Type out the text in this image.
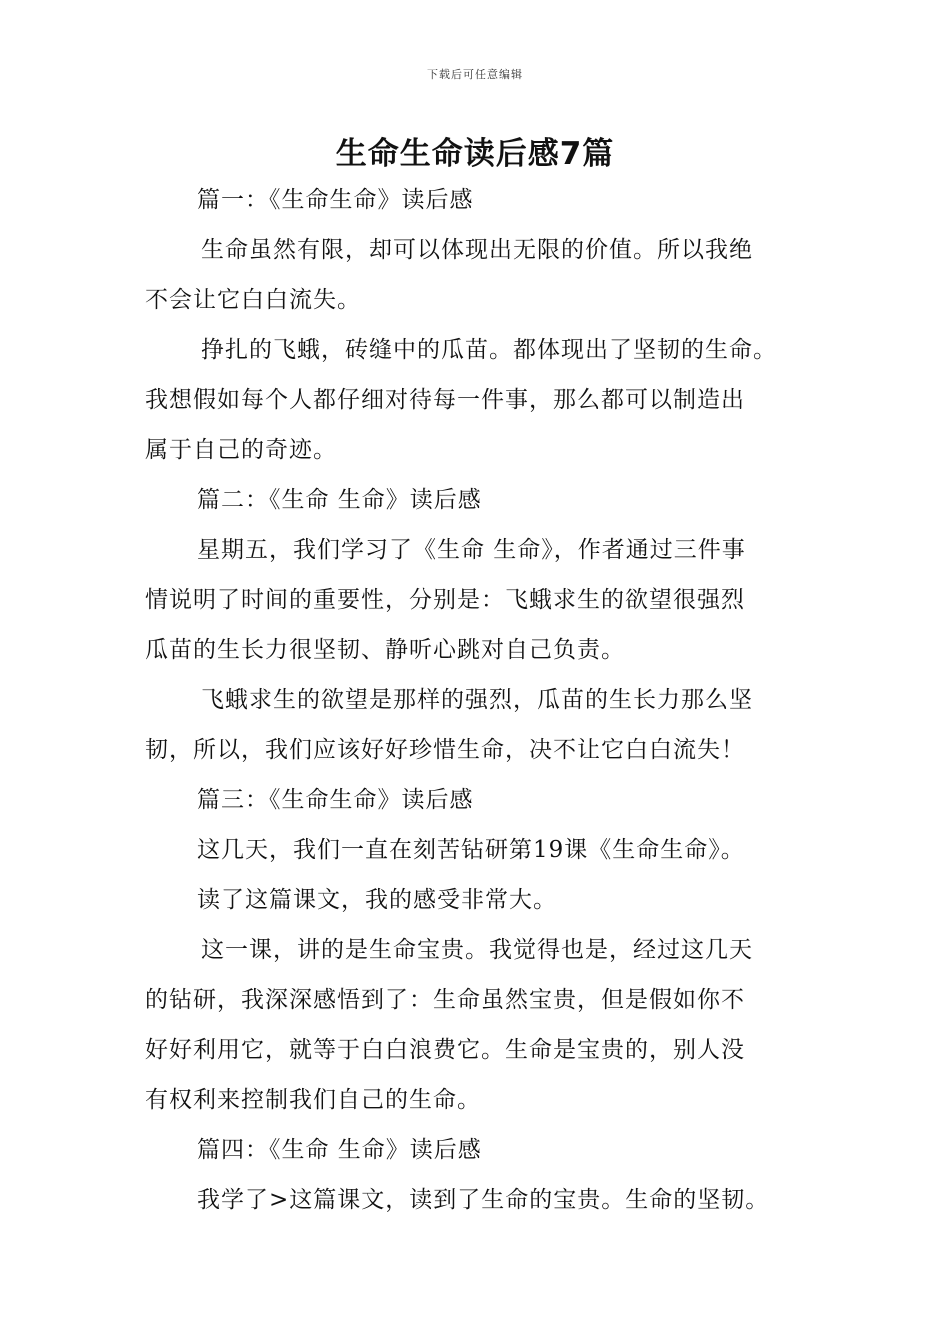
下载后可任意编辑
生命生命读后感7篇
篇一：《生命生命》读后感
生命虽然有限，却可以体现出无限的价值。所以我绝
不会让它白白流失。
挣扎的飞蛾，砖缝中的瓜苗。都体现出了坚韧的生命。
我想假如每个人都仔细对待每一件事，那么都可以制造出
属于自己的奇迹。
篇二：《生命 生命》读后感
星期五，我们学习了《生命 生命》，作者通过三件事
情说明了时间的重要性，分别是：飞蛾求生的欲望很强烈
瓜苗的生长力很坚韧、静听心跳对自己负责。
飞蛾求生的欲望是那样的强烈，瓜苗的生长力那么坚
韧，所以，我们应该好好珍惜生命，决不让它白白流失！
篇三：《生命生命》读后感
这几天，我们一直在刻苦钻研第19课《生命生命》。
读了这篇课文，我的感受非常大。
这一课，讲的是生命宝贵。我觉得也是，经过这几天
的钻研，我深深感悟到了：生命虽然宝贵，但是假如你不
好好利用它，就等于白白浪费它。生命是宝贵的，别人没
有权利来控制我们自己的生命。
篇四：《生命 生命》读后感
我学了>这篇课文，读到了生命的宝贵。生命的坚韧。
